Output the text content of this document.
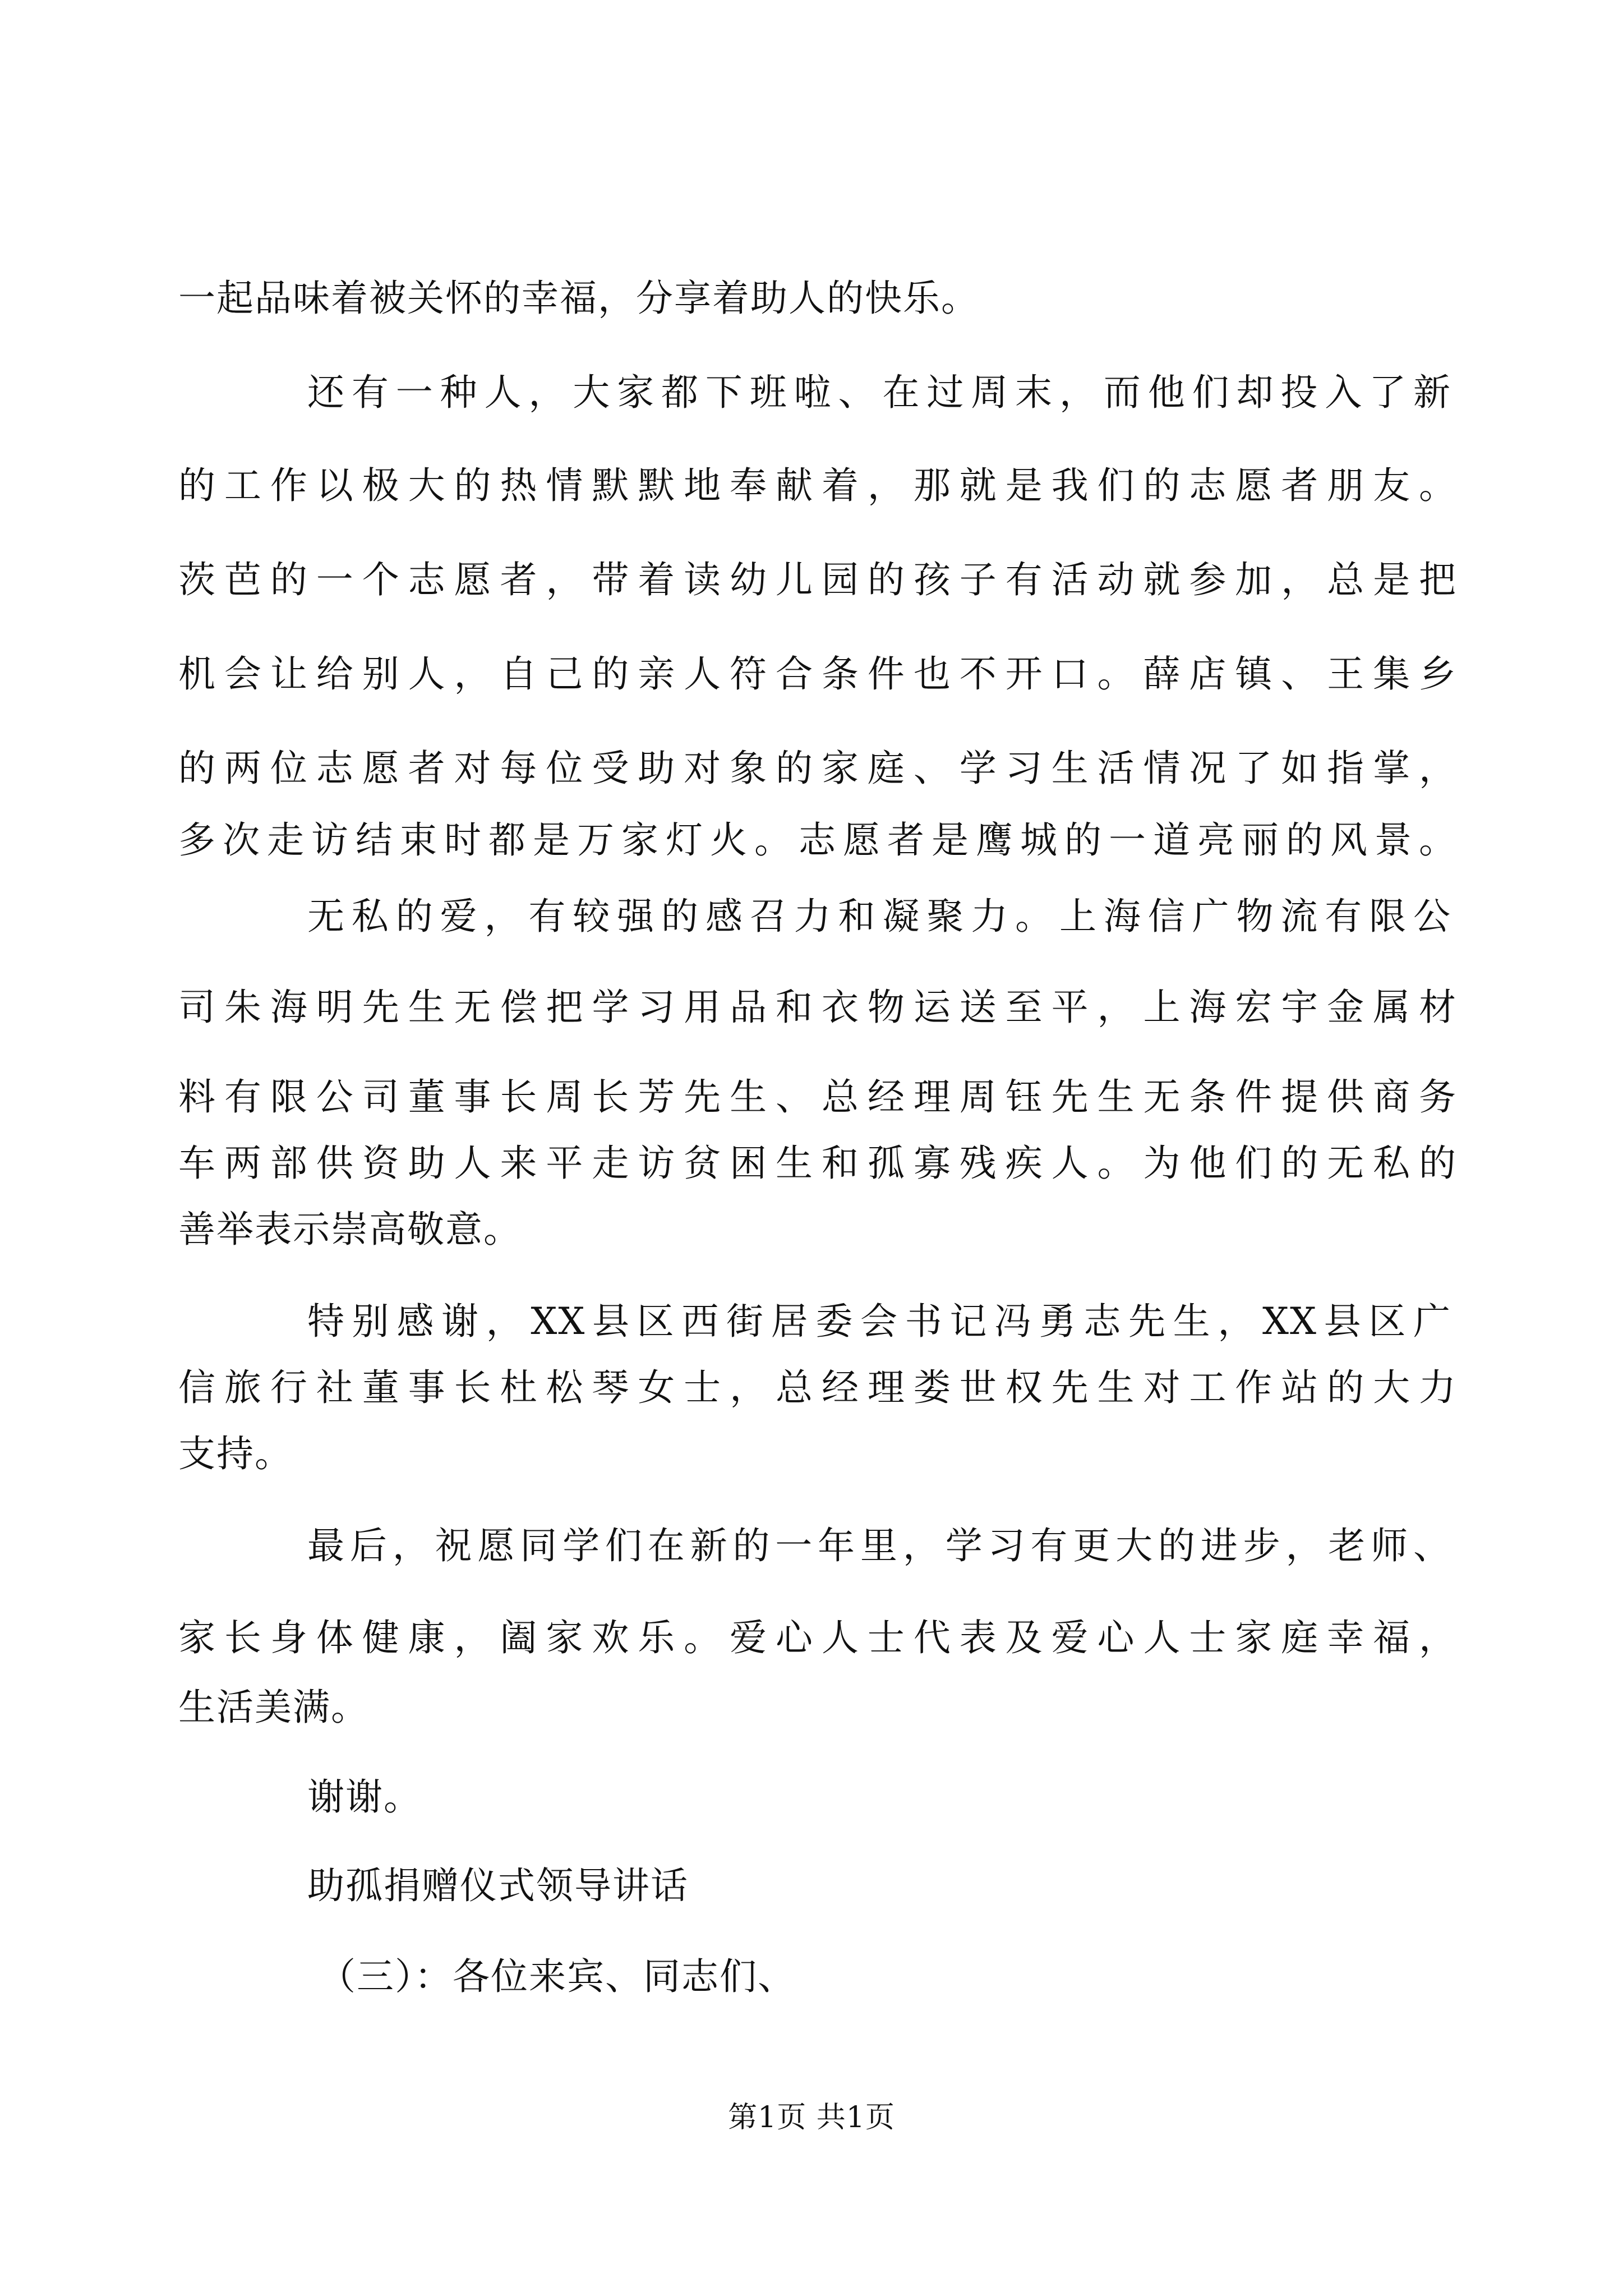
一起品味着被关怀的幸福，分享着助人的快乐。
还有一种人，大家都下班啦、在过周末，而他们却投入了新
的工作以极大的热情默默地奉献着，那就是我们的志愿者朋友。
茨芭的一个志愿者，带着读幼儿园的孩子有活动就参加，总是把
机会让给别人，自己的亲人符合条件也不开口。薛店镇、王集乡
的两位志愿者对每位受助对象的家庭、学习生活情况了如指掌，
多次走访结束时都是万家灯火。志愿者是鹰城的一道亮丽的风景。
无私的爱，有较强的感召力和凝聚力。上海信广物流有限公
司朱海明先生无偿把学习用品和衣物运送至平，上海宏宇金属材
料有限公司董事长周长芳先生、总经理周钰先生无条件提供商务
车两部供资助人来平走访贫困生和孤寡残疾人。为他们的无私的
善举表示崇高敬意。
特别感谢，XX县区西街居委会书记冯勇志先生，XX县区广
信旅行社董事长杜松琴女士，总经理娄世权先生对工作站的大力
支持。
最后，祝愿同学们在新的一年里，学习有更大的进步，老师、
家长身体健康，阖家欢乐。爱心人士代表及爱心人士家庭幸福，
生活美满。
谢谢。
助孤捐赠仪式领导讲话
（三）：各位来宾、同志们、
第1页 共1页
